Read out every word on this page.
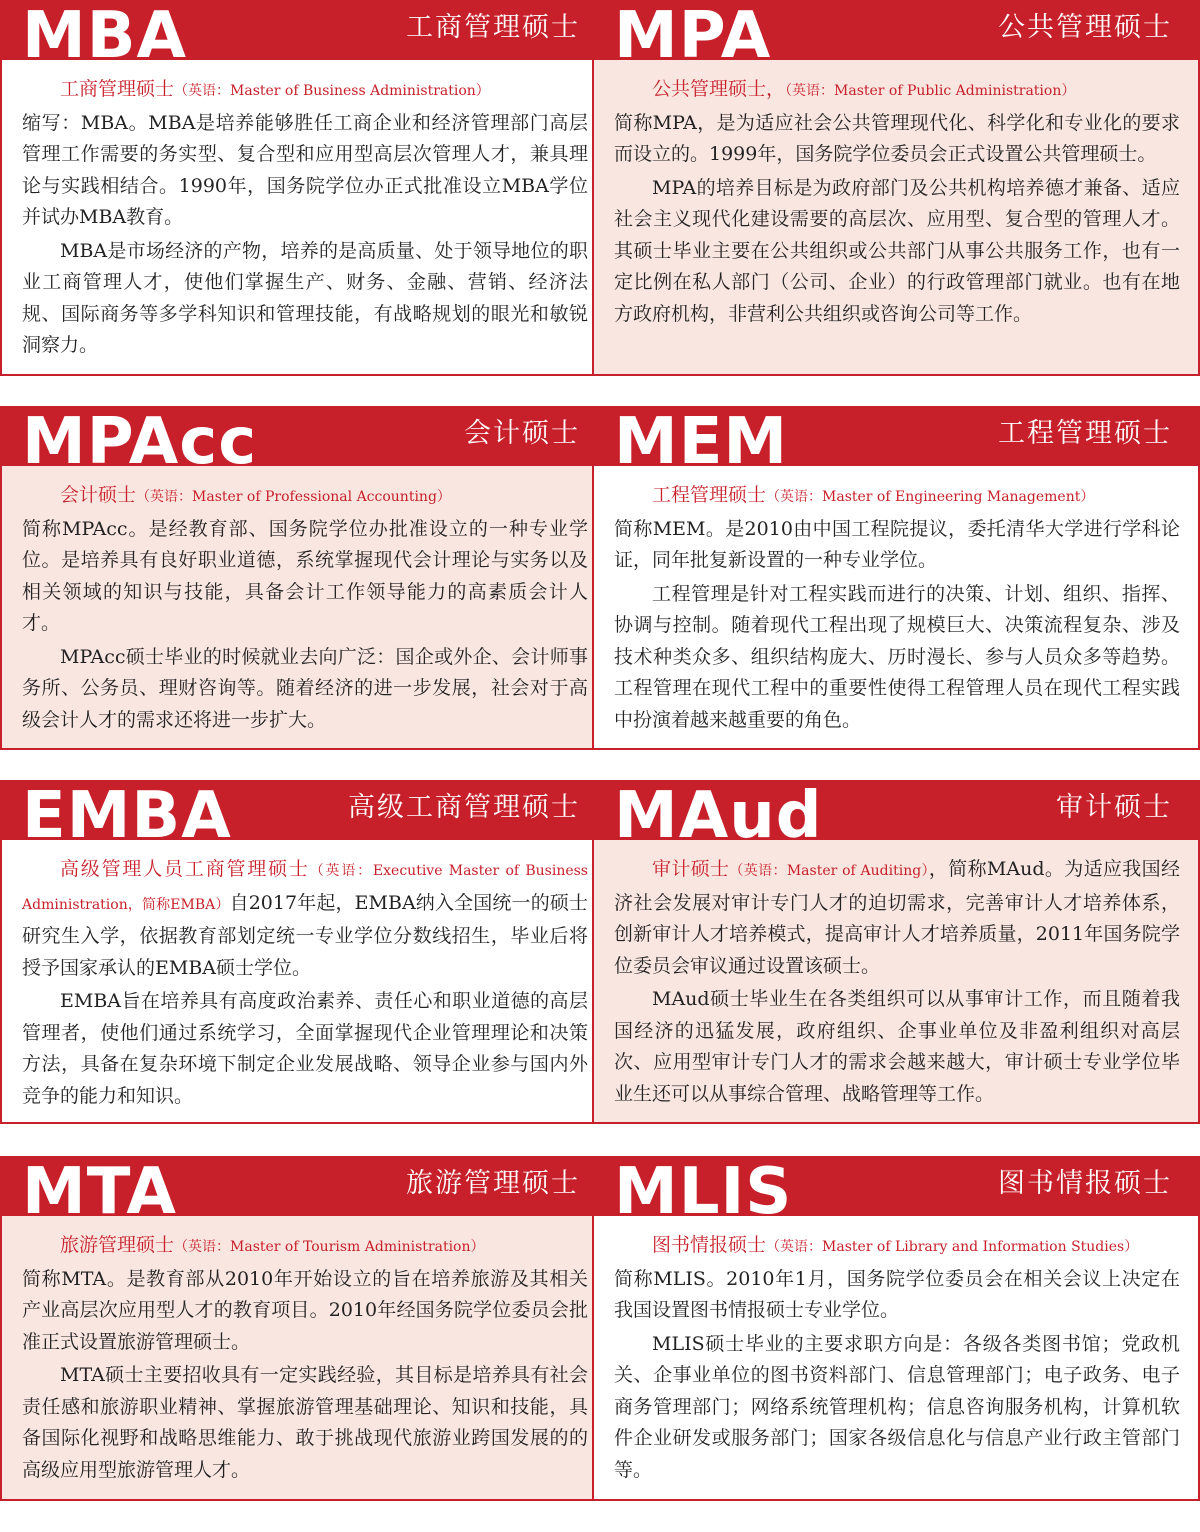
MBA	工商管理硕士

工商管理硕士（英语：Master of Business Administration）
缩写：MBA。MBA是培养能够胜任工商企业和经济管理部门高层管理工作需要的务实型、复合型和应用型高层次管理人才，兼具理论与实践相结合。1990年，国务院学位办正式批准设立MBA学位并试办MBA教育。

MBA是市场经济的产物，培养的是高质量、处于领导地位的职业工商管理人才，使他们掌握生产、财务、金融、营销、经济法规、国际商务等多学科知识和管理技能，有战略规划的眼光和敏锐洞察力。

MPA	公共管理硕士

公共管理硕士，（英语：Master of Public Administration）
简称MPA，是为适应社会公共管理现代化、科学化和专业化的要求而设立的。1999年，国务院学位委员会正式设置公共管理硕士。

MPA的培养目标是为政府部门及公共机构培养德才兼备、适应社会主义现代化建设需要的高层次、应用型、复合型的管理人才。其硕士毕业主要在公共组织或公共部门从事公共服务工作，也有一定比例在私人部门（公司、企业）的行政管理部门就业。也有在地方政府机构，非营利公共组织或咨询公司等工作。

MPAcc	会计硕士

会计硕士（英语：Master of Professional Accounting）
简称MPAcc。是经教育部、国务院学位办批准设立的一种专业学位。是培养具有良好职业道德，系统掌握现代会计理论与实务以及相关领域的知识与技能，具备会计工作领导能力的高素质会计人才。

MPAcc硕士毕业的时候就业去向广泛：国企或外企、会计师事务所、公务员、理财咨询等。随着经济的进一步发展，社会对于高级会计人才的需求还将进一步扩大。

MEM	工程管理硕士

工程管理硕士（英语：Master of Engineering Management）
简称MEM。是2010由中国工程院提议，委托清华大学进行学科论证，同年批复新设置的一种专业学位。

工程管理是针对工程实践而进行的决策、计划、组织、指挥、协调与控制。随着现代工程出现了规模巨大、决策流程复杂、涉及技术种类众多、组织结构庞大、历时漫长、参与人员众多等趋势。工程管理在现代工程中的重要性使得工程管理人员在现代工程实践中扮演着越来越重要的角色。

EMBA	高级工商管理硕士

高级管理人员工商管理硕士（英语：Executive Master of Business Administration，简称EMBA）自2017年起，EMBA纳入全国统一的硕士研究生入学，依据教育部划定统一专业学位分数线招生，毕业后将授予国家承认的EMBA硕士学位。

EMBA旨在培养具有高度政治素养、责任心和职业道德的高层管理者，使他们通过系统学习，全面掌握现代企业管理理论和决策方法，具备在复杂环境下制定企业发展战略、领导企业参与国内外竞争的能力和知识。

MAud	审计硕士

审计硕士（英语：Master of Auditing），简称MAud。为适应我国经济社会发展对审计专门人才的迫切需求，完善审计人才培养体系，创新审计人才培养模式，提高审计人才培养质量，2011年国务院学位委员会审议通过设置该硕士。

MAud硕士毕业生在各类组织可以从事审计工作，而且随着我国经济的迅猛发展，政府组织、企事业单位及非盈利组织对高层次、应用型审计专门人才的需求会越来越大，审计硕士专业学位毕业生还可以从事综合管理、战略管理等工作。

MTA	旅游管理硕士

旅游管理硕士（英语：Master of Tourism Administration）
简称MTA。是教育部从2010年开始设立的旨在培养旅游及其相关产业高层次应用型人才的教育项目。2010年经国务院学位委员会批准正式设置旅游管理硕士。

MTA硕士主要招收具有一定实践经验，其目标是培养具有社会责任感和旅游职业精神、掌握旅游管理基础理论、知识和技能，具备国际化视野和战略思维能力、敢于挑战现代旅游业跨国发展的的高级应用型旅游管理人才。

MLIS	图书情报硕士

图书情报硕士（英语：Master of Library and Information Studies）
简称MLIS。2010年1月，国务院学位委员会在相关会议上决定在我国设置图书情报硕士专业学位。

MLIS硕士毕业的主要求职方向是：各级各类图书馆；党政机关、企事业单位的图书资料部门、信息管理部门；电子政务、电子商务管理部门；网络系统管理机构；信息咨询服务机构，计算机软件企业研发或服务部门；国家各级信息化与信息产业行政主管部门等。
